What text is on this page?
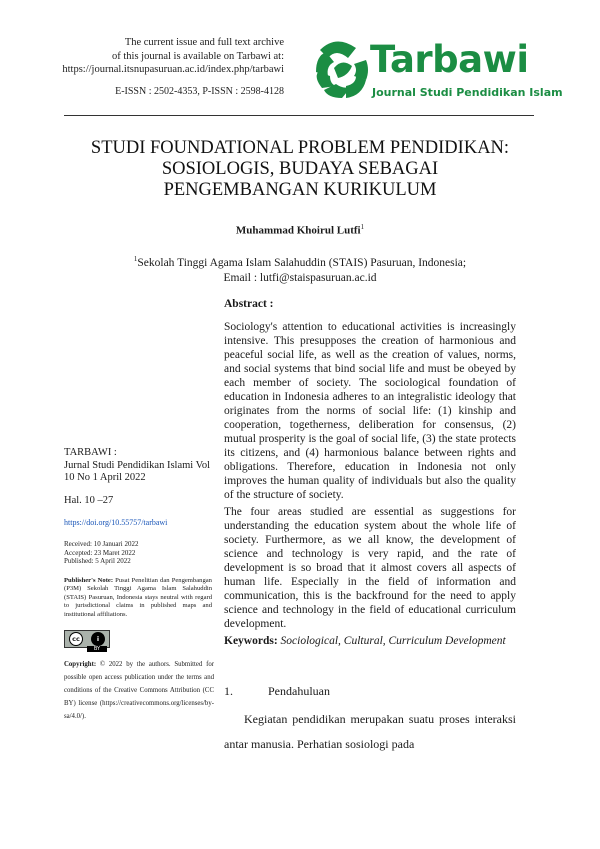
The current issue and full text archive
of this journal is available on Tarbawi at:
https://journal.itsnupasuruan.ac.id/index.php/tarbawi
E-ISSN : 2502-4353, P-ISSN : 2598-4128
Tarbawi
Journal Studi Pendidikan Islam
STUDI FOUNDATIONAL PROBLEM PENDIDIKAN:
SOSIOLOGIS, BUDAYA SEBAGAI
PENGEMBANGAN KURIKULUM
Muhammad Khoirul Lutfi$^1$
$^1$Sekolah Tinggi Agama Islam Salahuddin (STAIS) Pasuruan, Indonesia;
Email : lutfi@staispasuruan.ac.id
Abstract :
Sociology's attention to educational activities is increasingly intensive. This presupposes the creation of harmonious and peaceful social life, as well as the creation of values, norms, and social systems that bind social life and must be obeyed by each member of society. The sociological foundation of education in Indonesia adheres to an integralistic ideology that originates from the norms of social life: (1) kinship and cooperation, togetherness, deliberation for consensus, (2) mutual prosperity is the goal of social life, (3) the state protects its citizens, and (4) harmonious balance between rights and obligations. Therefore, education in Indonesia not only improves the human quality of individuals but also the quality of the structure of society.
The four areas studied are essential as suggestions for understanding the education system about the whole life of society. Furthermore, as we all know, the development of science and technology is very rapid, and the rate of development is so broad that it almost covers all aspects of human life. Especially in the field of information and communication, this is the backfround for the need to apply science and technology in the field of educational curriculum development.
Keywords: Sociological, Cultural, Curriculum Development
TARBAWI :
Jurnal Studi Pendidikan Islami Vol
10 No 1 April 2022
Hal. 10 –27
https://doi.org/10.55757/tarbawi
Received: 10 Januari 2022
Accepted: 23 Maret 2022
Published: 5 April 2022
Publisher's Note: Pusat Penelitian dan Pengembangan (P3M) Sekolah Tinggi Agama Islam Salahuddin (STAIS) Pasuruan, Indonesia stays neutral with regard to jurisdictional claims in published maps and institutional affiliations.
cc	i
BY
Copyright: © 2022 by the authors. Submitted for possible open access publication under the terms and conditions of the Creative Commons Attribution (CC BY) license (https://creativecommons.org/licenses/by-sa/4.0/).
1.	Pendahuluan
Kegiatan pendidikan merupakan suatu proses interaksi antar manusia. Perhatian sosiologi pada
